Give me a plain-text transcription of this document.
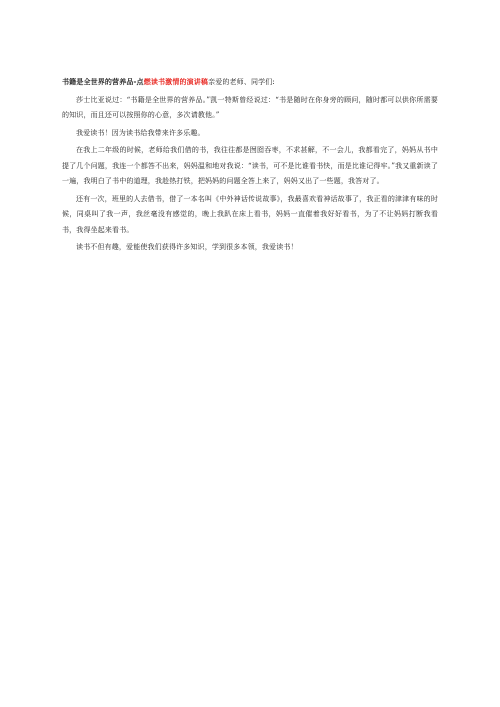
书籍是全世界的营养品-点燃读书激情的演讲稿亲爱的老师、同学们:

莎士比亚说过：“书籍是全世界的营养品。”凯一特斯曾经说过：“书是随时在你身旁的顾问，随时都可以供你所需要的知识，而且还可以按照你的心意，多次请教他。”

我爱读书！因为读书给我带来许多乐趣。

在我上二年级的时候，老师给我们借的书，我往往都是囫囵吞枣，不求甚解，不一会儿，我都看完了，妈妈从书中提了几个问题，我连一个都答不出来，妈妈温和地对我说：“读书，可不是比谁看书快，而是比谁记得牢。”我又重新读了一遍，我明白了书中的道理，我趁热打铁，把妈妈的问题全答上来了，妈妈又出了一些题，我答对了。

还有一次，班里的人去借书，借了一本名叫《中外神话传说故事》，我最喜欢看神话故事了，我正看的津津有味的时候，同桌叫了我一声，我丝毫没有感觉的，晚上我趴在床上看书，妈妈一直催着我好好看书，为了不让妈妈打断我看书，我得坐起来看书。

读书不但有趣，爱能使我们获得许多知识，学到很多本领，我爱读书！
